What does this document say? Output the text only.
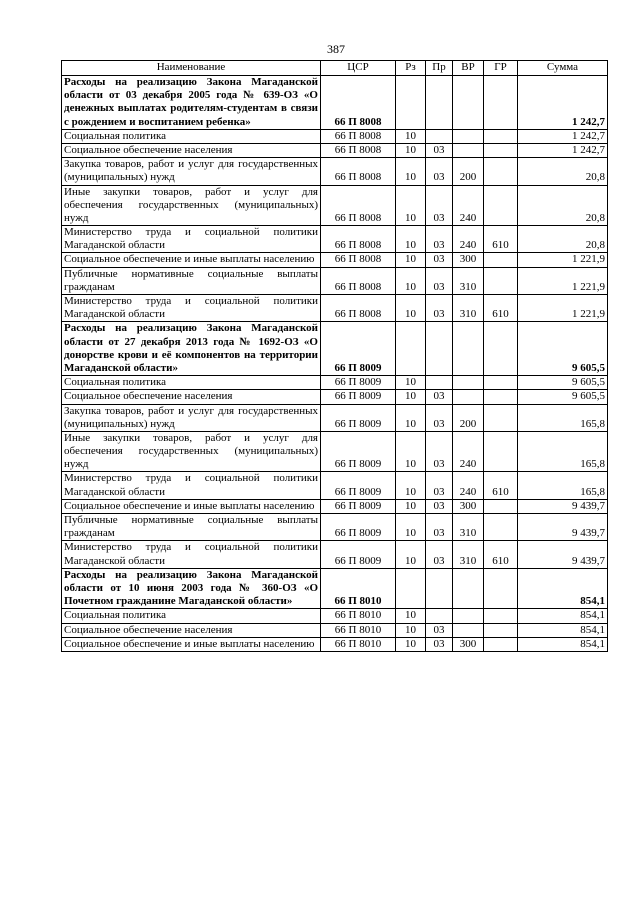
387
Наименование	ЦСР	Рз	Пр	ВР	ГР	Сумма
Расходы на реализацию Закона Магаданской области от 03 декабря 2005 года № 639-ОЗ «О денежных выплатах родителям-студентам в связи с рождением и воспитанием ребенка»	66 П 8008					1 242,7
Социальная политика	66 П 8008	10				1 242,7
Социальное обеспечение населения	66 П 8008	10	03			1 242,7
Закупка товаров, работ и услуг для государственных (муниципальных) нужд	66 П 8008	10	03	200		20,8
Иные закупки товаров, работ и услуг для обеспечения государственных (муниципальных) нужд	66 П 8008	10	03	240		20,8
Министерство труда и социальной политики Магаданской области	66 П 8008	10	03	240	610	20,8
Социальное обеспечение и иные выплаты населению	66 П 8008	10	03	300		1 221,9
Публичные нормативные социальные выплаты гражданам	66 П 8008	10	03	310		1 221,9
Министерство труда и социальной политики Магаданской области	66 П 8008	10	03	310	610	1 221,9
Расходы на реализацию Закона Магаданской области от 27 декабря 2013 года № 1692-ОЗ «О донорстве крови и её компонентов на территории Магаданской области»	66 П 8009					9 605,5
Социальная политика	66 П 8009	10				9 605,5
Социальное обеспечение населения	66 П 8009	10	03			9 605,5
Закупка товаров, работ и услуг для государственных (муниципальных) нужд	66 П 8009	10	03	200		165,8
Иные закупки товаров, работ и услуг для обеспечения государственных (муниципальных) нужд	66 П 8009	10	03	240		165,8
Министерство труда и социальной политики Магаданской области	66 П 8009	10	03	240	610	165,8
Социальное обеспечение и иные выплаты населению	66 П 8009	10	03	300		9 439,7
Публичные нормативные социальные выплаты гражданам	66 П 8009	10	03	310		9 439,7
Министерство труда и социальной политики Магаданской области	66 П 8009	10	03	310	610	9 439,7
Расходы на реализацию Закона Магаданской области от 10 июня 2003 года № 360-ОЗ «О Почетном гражданине Магаданской области»	66 П 8010					854,1
Социальная политика	66 П 8010	10				854,1
Социальное обеспечение населения	66 П 8010	10	03			854,1
Социальное обеспечение и иные выплаты населению	66 П 8010	10	03	300		854,1
